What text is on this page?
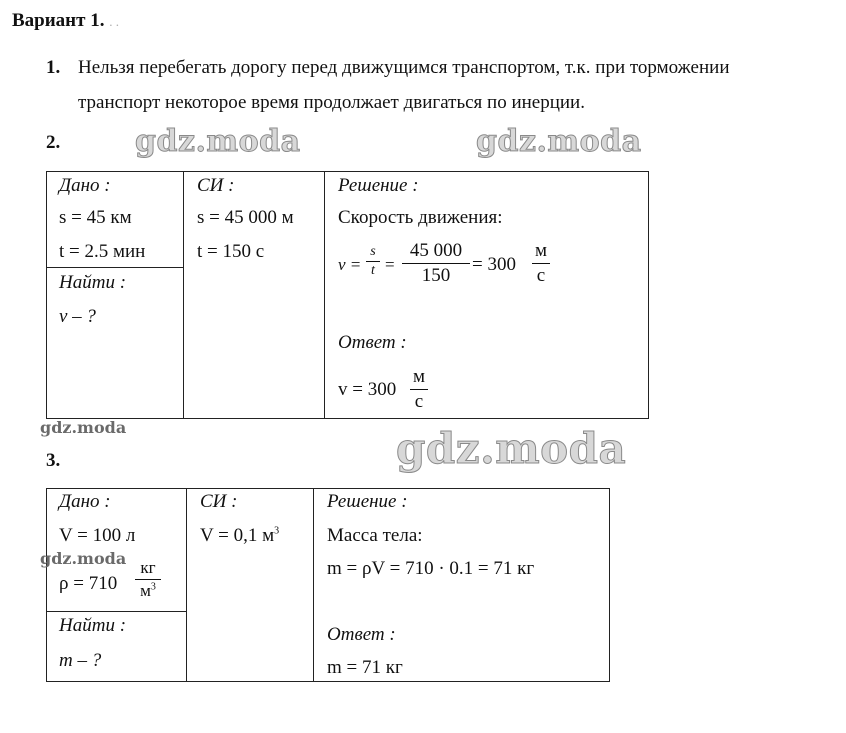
Вариант 1. . .
1. Нельзя перебегать дорогу перед движущимся транспортом, т.к. при торможении
транспорт некоторое время продолжает двигаться по инерции.
2. gdz.moda	gdz.moda
Дано :
s = 45 км
t = 2.5 мин
Найти :
v – ?
СИ :
s = 45 000 м
t = 150 с
Решение :
Скорость движения:
v =
s
t =
45 000
150
= 300
м
с
Ответ :
v = 300
м
с
gdz.moda	gdz.moda
3.
Дано :
V = 100 л
gdz.moda
ρ = 710
кг
$м^3$
Найти :
m – ?
СИ :
V = 0,1 $м^3$
Решение :
Масса тела:
m = ρV = 710 · 0.1 = 71 кг
Ответ :
m = 71 кг
